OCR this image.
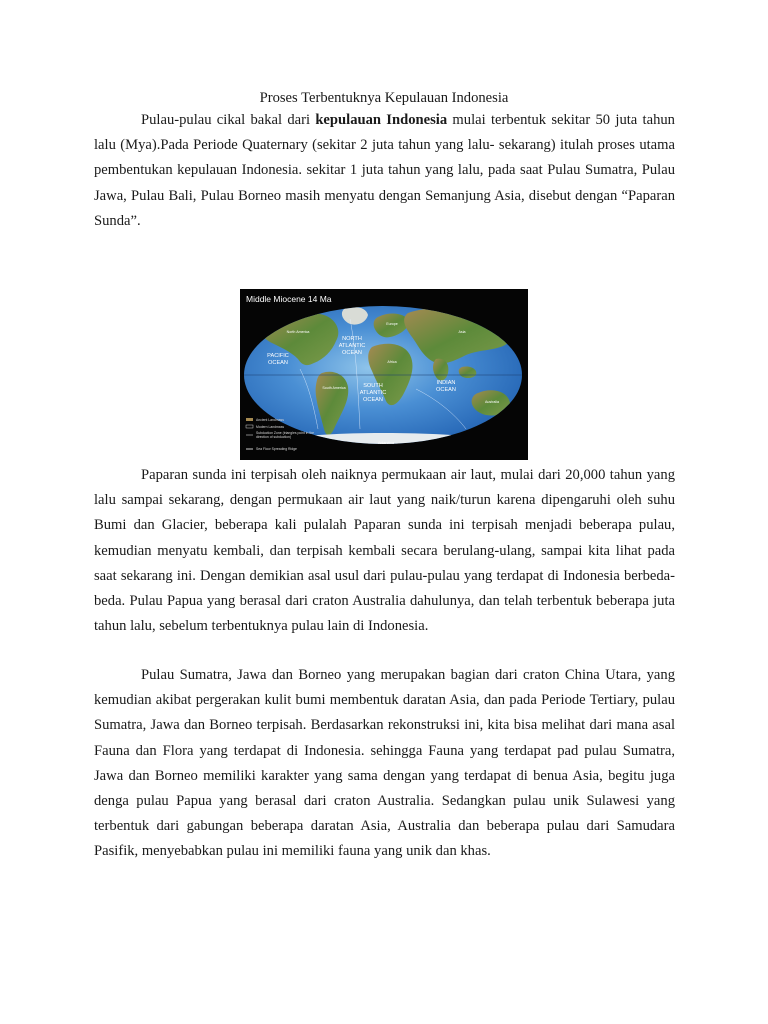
Proses Terbentuknya Kepulauan Indonesia

Pulau-pulau cikal bakal dari kepulauan Indonesia mulai terbentuk sekitar 50 juta tahun lalu (Mya).Pada Periode Quaternary (sekitar 2 juta tahun yang lalu- sekarang) itulah proses utama pembentukan kepulauan Indonesia. sekitar 1 juta tahun yang lalu, pada saat Pulau Sumatra, Pulau Jawa, Pulau Bali, Pulau Borneo masih menyatu dengan Semanjung Asia, disebut dengan “Paparan Sunda”.

Middle Miocene 14 Ma
NORTH
ATLANTIC
OCEAN
PACIFIC
OCEAN
SOUTH
ATLANTIC
OCEAN
INDIAN
OCEAN
North America
South America
Africa
Europe
Asia
Australia
Antarctica
Ancient Landmass
Modern Landmass
Subduction Zone (triangles point in the
direction of subduction)
Sea Floor Spreading Ridge

Paparan sunda ini terpisah oleh naiknya permukaan air laut, mulai dari 20,000 tahun yang lalu sampai sekarang, dengan permukaan air laut yang naik/turun karena dipengaruhi oleh suhu Bumi dan Glacier, beberapa kali pulalah Paparan sunda ini terpisah menjadi beberapa pulau, kemudian menyatu kembali, dan terpisah kembali secara berulang-ulang, sampai kita lihat pada saat sekarang ini. Dengan demikian asal usul dari pulau-pulau yang terdapat di Indonesia berbeda-beda. Pulau Papua yang berasal dari craton Australia dahulunya, dan telah terbentuk beberapa juta tahun lalu, sebelum terbentuknya pulau lain di Indonesia.

Pulau Sumatra, Jawa dan Borneo yang merupakan bagian dari craton China Utara, yang kemudian akibat pergerakan kulit bumi membentuk daratan Asia, dan pada Periode Tertiary, pulau Sumatra, Jawa dan Borneo terpisah. Berdasarkan rekonstruksi ini, kita bisa melihat dari mana asal Fauna dan Flora yang terdapat di Indonesia. sehingga Fauna yang terdapat pad pulau Sumatra, Jawa dan Borneo memiliki karakter yang sama dengan yang terdapat di benua Asia, begitu juga denga pulau Papua yang berasal dari craton Australia. Sedangkan pulau unik Sulawesi yang terbentuk dari gabungan beberapa daratan Asia, Australia dan beberapa pulau dari Samudara Pasifik, menyebabkan pulau ini memiliki fauna yang unik dan khas.
